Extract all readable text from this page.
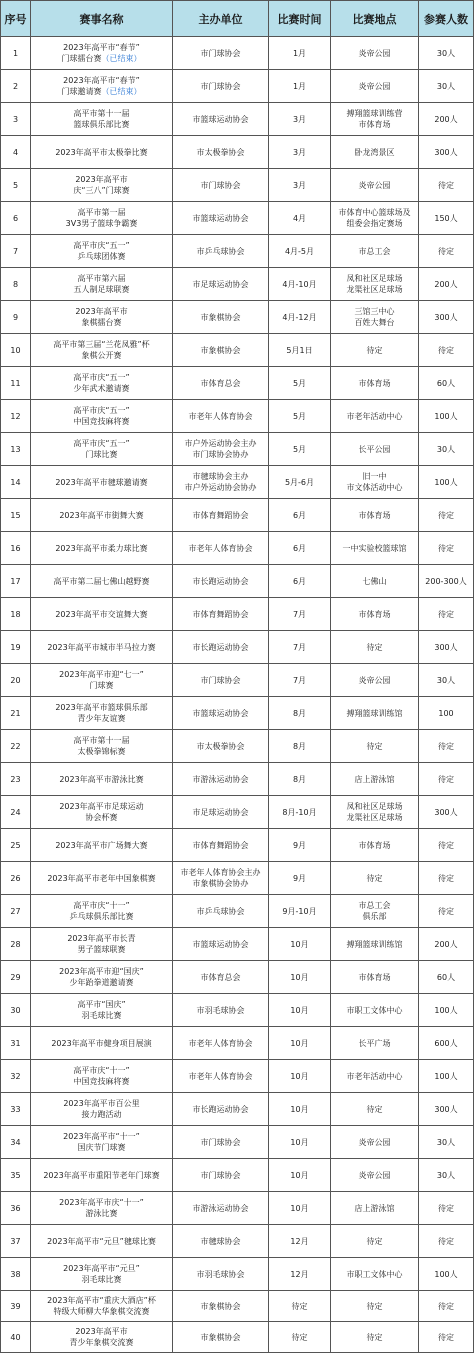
序号	赛事名称	主办单位	比赛时间	比赛地点	参赛人数
1	2023年高平市“春节”
门球擂台赛（已结束）	市门球协会	1月	炎帝公园	30人
2	2023年高平市“春节”
门球邀请赛（已结束）	市门球协会	1月	炎帝公园	30人
3	高平市第十一届
篮球俱乐部比赛	市篮球运动协会	3月	搏翔篮球训练营
市体育场	200人
4	2023年高平市太极拳比赛	市太极拳协会	3月	卧龙湾景区	300人
5	2023年高平市
庆“三八”门球赛	市门球协会	3月	炎帝公园	待定
6	高平市第一届
3V3男子篮球争霸赛	市篮球运动协会	4月	市体育中心篮球场及
组委会指定赛场	150人
7	高平市庆“五一”
乒乓球团体赛	市乒乓球协会	4月-5月	市总工会	待定
8	高平市第六届
五人制足球联赛	市足球运动协会	4月-10月	凤和社区足球场
龙渠社区足球场	200人
9	2023年高平市
象棋擂台赛	市象棋协会	4月-12月	三馆三中心
百姓大舞台	300人
10	高平市第三届“兰花凤雅”杯
象棋公开赛	市象棋协会	5月1日	待定	待定
11	高平市庆“五一”
少年武术邀请赛	市体育总会	5月	市体育场	60人
12	高平市庆“五一”
中国竞技麻将赛	市老年人体育协会	5月	市老年活动中心	100人
13	高平市庆“五一”
门球比赛	市户外运动协会主办
市门球协会协办	5月	长平公园	30人
14	2023年高平市毽球邀请赛	市毽球协会主办
市户外运动协会协办	5月-6月	旧一中
市文体活动中心	100人
15	2023年高平市街舞大赛	市体育舞蹈协会	6月	市体育场	待定
16	2023年高平市柔力球比赛	市老年人体育协会	6月	一中实验校篮球馆	待定
17	高平市第二届七佛山越野赛	市长跑运动协会	6月	七佛山	200-300人
18	2023年高平市交谊舞大赛	市体育舞蹈协会	7月	市体育场	待定
19	2023年高平市城市半马拉力赛	市长跑运动协会	7月	待定	300人
20	2023年高平市迎“七一”
门球赛	市门球协会	7月	炎帝公园	30人
21	2023年高平市篮球俱乐部
青少年友谊赛	市篮球运动协会	8月	搏翔篮球训练馆	100
22	高平市第十一届
太极拳锦标赛	市太极拳协会	8月	待定	待定
23	2023年高平市游泳比赛	市游泳运动协会	8月	店上游泳馆	待定
24	2023年高平市足球运动
协会杯赛	市足球运动协会	8月-10月	凤和社区足球场
龙渠社区足球场	300人
25	2023年高平市广场舞大赛	市体育舞蹈协会	9月	市体育场	待定
26	2023年高平市老年中国象棋赛	市老年人体育协会主办
市象棋协会协办	9月	待定	待定
27	高平市庆“十一”
乒乓球俱乐部比赛	市乒乓球协会	9月-10月	市总工会
俱乐部	待定
28	2023年高平市长青
男子篮球联赛	市篮球运动协会	10月	搏翔篮球训练馆	200人
29	2023年高平市迎“国庆”
少年跆拳道邀请赛	市体育总会	10月	市体育场	60人
30	高平市“国庆”
羽毛球比赛	市羽毛球协会	10月	市职工文体中心	100人
31	2023年高平市健身项目展演	市老年人体育协会	10月	长平广场	600人
32	高平市庆“十一”
中国竞技麻将赛	市老年人体育协会	10月	市老年活动中心	100人
33	2023年高平市百公里
接力跑活动	市长跑运动协会	10月	待定	300人
34	2023年高平市“十一”
国庆节门球赛	市门球协会	10月	炎帝公园	30人
35	2023年高平市重阳节老年门球赛	市门球协会	10月	炎帝公园	30人
36	2023年高平市庆“十一”
游泳比赛	市游泳运动协会	10月	店上游泳馆	待定
37	2023年高平市“元旦”毽球比赛	市毽球协会	12月	待定	待定
38	2023年高平市“元旦”
羽毛球比赛	市羽毛球协会	12月	市职工文体中心	100人
39	2023年高平市“重庆大酒店”杯
特级大师柳大华象棋交流赛	市象棋协会	待定	待定	待定
40	2023年高平市
青少年象棋交流赛	市象棋协会	待定	待定	待定
